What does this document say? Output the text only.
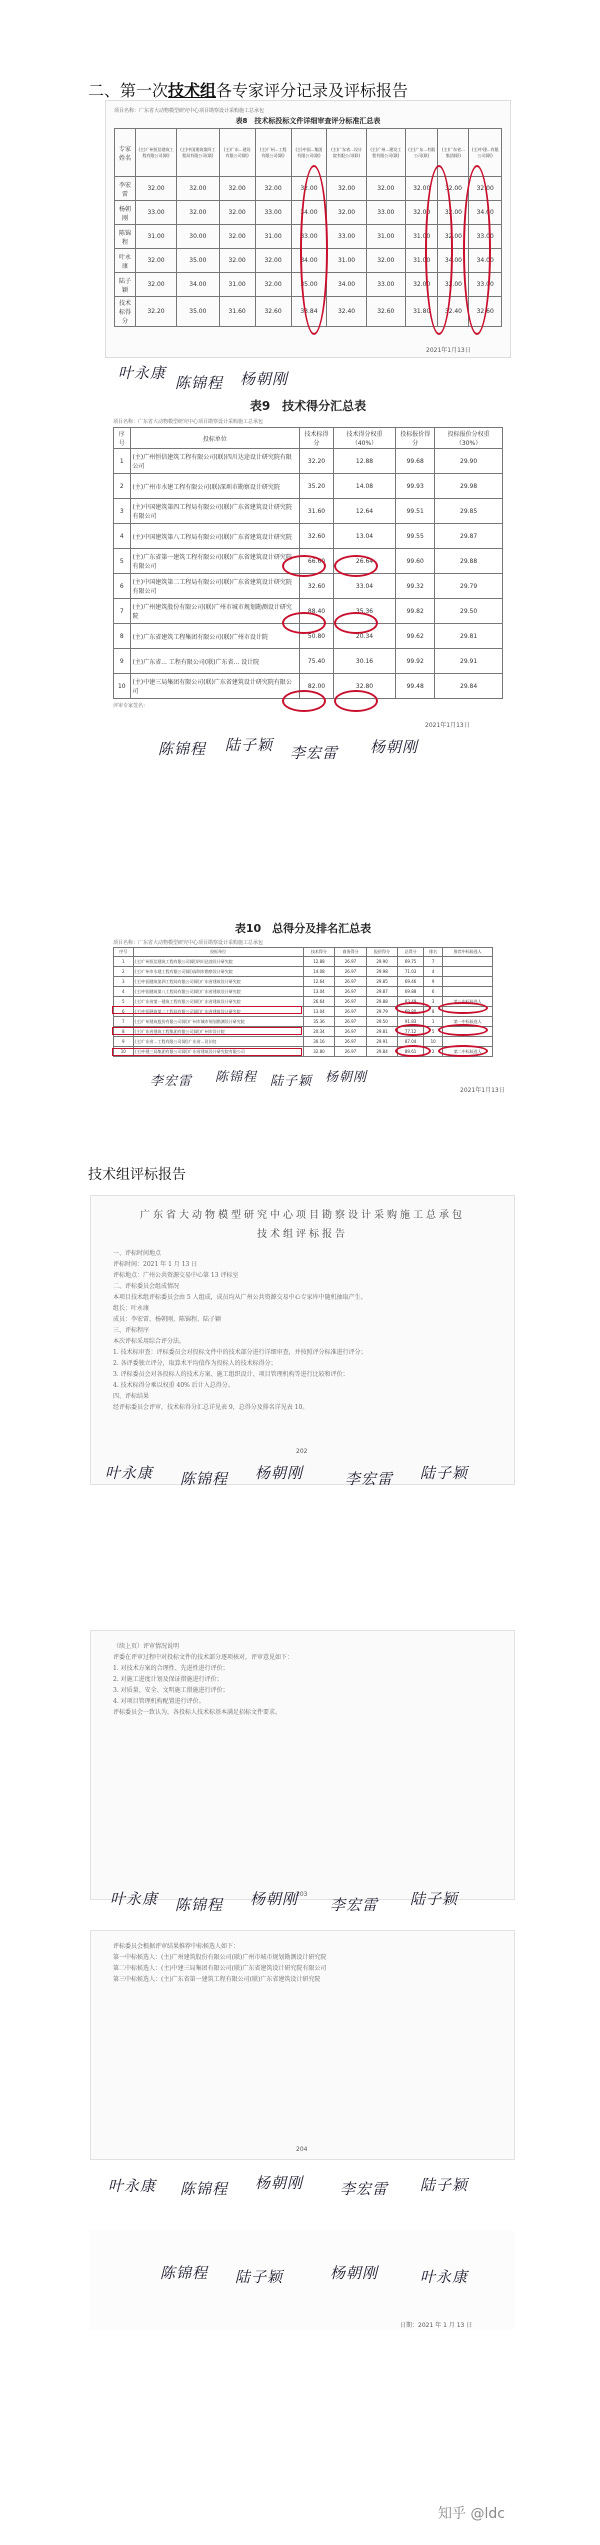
二、第一次技术组各专家评分记录及评标报告
项目名称：广东省大动物模型研究中心项目勘察设计采购施工总承包
表8　技术标投标文件详细审查评分标准汇总表
专家姓名	(主)广州恒信建筑工程有限公司(联)	(主)中国建筑第四工程局有限公司(联)	(主)广东...建设有限公司(联)	(主)广州...工程有限公司(联)	(主)中国...集团有限公司(联)	(主)广东省...设计院有限公司(联)	(主)广州...建设工程有限公司(联)	(主)广东...有限公司(联)	(主)广东省...集团(联)	(主)中建...有限公司(联)
李宏雷	32.00	32.00	32.00	32.00	32.00	32.00	32.00	32.00	32.00	32.00
杨朝刚	33.00	32.00	32.00	33.00	34.00	32.00	33.00	32.00	32.00	34.00
陈锦程	31.00	30.00	32.00	31.00	33.00	33.00	31.00	31.00	32.00	33.00
叶永康	32.00	35.00	32.00	32.00	34.00	31.00	32.00	31.00	34.00	34.00
陆子颖	32.00	34.00	31.00	32.00	35.00	34.00	33.00	32.00	32.00	33.00
技术标得分	32.20	35.00	31.60	32.60	33.84	32.40	32.60	31.80	32.40	32.60
2021年1月13日
叶永康
陈锦程 杨朝刚
表9　技术得分汇总表
项目名称：广东省大动物模型研究中心项目勘察设计采购施工总承包
序号	投标单位	技术标得分	技术得分权重（40%）	投标报价得分	投标报价分权重（30%）
1	(主)广州恒信建筑工程有限公司(联)四川达途设计研究院有限公司	32.20	12.88	99.68	29.90
2	(主)广州市水建工程有限公司(联)深圳市勘察设计研究院	35.20	14.08	99.93	29.98
3	(主)中国建筑第四工程局有限公司(联)广东省建筑设计研究院有限公司	31.60	12.64	99.51	29.85
4	(主)中国建筑第八工程局有限公司(联)广东省建筑设计研究院	32.60	13.04	99.55	29.87
5	(主)广东省第一建筑工程有限公司(联)广东省建筑设计研究院有限公司	66.60	26.64	99.60	29.88
6	(主)中国建筑第二工程局有限公司(联)广东省建筑设计研究院有限公司	32.60	33.04	99.32	29.79
7	(主)广州建筑股份有限公司(联)广州市城市规划勘测设计研究院	88.40	35.36	99.82	29.50
8	(主)广东省建筑工程集团有限公司(联)广州市设计院	50.80	20.34	99.62	29.81
9	(主)广东省... 工程有限公司(联)广东省... 设计院	75.40	30.16	99.92	29.91
10	(主)中建三局集团有限公司(联)广东省建筑设计研究院有限公司	82.00	32.80	99.48	29.84
评审专家签名：
2021年1月13日
陈锦程 陆子颖 李宏雷 杨朝刚
表10　总得分及排名汇总表
项目名称：广东省大动物模型研究中心项目勘察设计采购施工总承包
序号	投标单位	技术得分	商务得分	报价得分	总得分	排名	推荐中标候选人
1	(主)广州恒信建筑工程有限公司(联)四川达途设计研究院	12.88	26.97	29.90	69.75	7	
2	(主)广州市水建工程有限公司(联)深圳市勘察设计研究院	14.08	26.97	29.98	71.03	4	
3	(主)中国建筑第四工程局有限公司(联)广东省建筑设计研究院	12.64	26.97	29.85	69.46	9	
4	(主)中国建筑第八工程局有限公司(联)广东省建筑设计研究院	13.04	26.97	29.87	69.88	6	
5	(主)广东省第一建筑工程有限公司(联)广东省建筑设计研究院	26.64	26.97	29.88	83.49	3	第三中标候选人
6	(主)中国建筑第二工程局有限公司(联)广东省建筑设计研究院	13.04	26.97	29.79	69.80	8	
7	(主)广州建筑股份有限公司(联)广州市城市规划勘测设计研究院	35.36	26.97	29.50	91.83	1	第一中标候选人
8	(主)广东省建筑工程集团有限公司(联)广州市设计院	20.34	26.97	29.81	77.12	5	
9	(主)广东省...工程有限公司(联)广东省...设计院	30.16	26.97	29.91	87.04	10	
10	(主)中建三局集团有限公司(联)广东省建筑设计研究院有限公司	32.80	26.97	29.84	89.61	2	第二中标候选人
李宏雷 陈锦程 陆子颖 杨朝刚
2021年1月13日
技术组评标报告
广东省大动物模型研究中心项目勘察设计采购施工总承包
技术组评标报告
一、评标时间地点
评标时间：2021 年 1 月 13 日
评标地点：广州公共资源交易中心第 13 评标室
二、评标委员会组成情况
本项目技术组评标委员会由 5 人组成，成员均从广州公共资源交易中心专家库中随机抽取产生。
组长：叶永康
成员：李宏雷、杨朝刚、陈锦程、陆子颖
三、评标程序
本次评标采用综合评分法。
1. 技术标审查：评标委员会对投标文件中的技术部分进行详细审查，并按照评分标准进行评分；
2. 各评委独立评分，取算术平均值作为投标人的技术标得分；
3. 评标委员会对各投标人的技术方案、施工组织设计、项目管理机构等进行比较和评价；
4. 技术标得分乘以权重 40% 后计入总得分。
四、评标结果
经评标委员会评审，技术标得分汇总详见表 9，总得分及排名详见表 10。
202
叶永康 陈锦程 杨朝刚	李宏雷 陆子颖
（续上页）评审情况说明
评委在评审过程中对投标文件的技术部分逐项核对，评审意见如下：
1. 对技术方案的合理性、先进性进行评价；
2. 对施工进度计划及保证措施进行评价；
3. 对质量、安全、文明施工措施进行评价；
4. 对项目管理机构配置进行评价。
评标委员会一致认为，各投标人技术标基本满足招标文件要求。
203
叶永康 陈锦程 杨朝刚 李宏雷 陆子颖
评标委员会根据评审结果推荐中标候选人如下：
第一中标候选人：(主)广州建筑股份有限公司(联)广州市城市规划勘测设计研究院
第二中标候选人：(主)中建三局集团有限公司(联)广东省建筑设计研究院有限公司
第三中标候选人：(主)广东省第一建筑工程有限公司(联)广东省建筑设计研究院
204
叶永康 陈锦程 杨朝刚 李宏雷 陆子颖
陈锦程 陆子颖	杨朝刚	叶永康
日期：2021 年 1 月 13 日
知乎 @ldc
